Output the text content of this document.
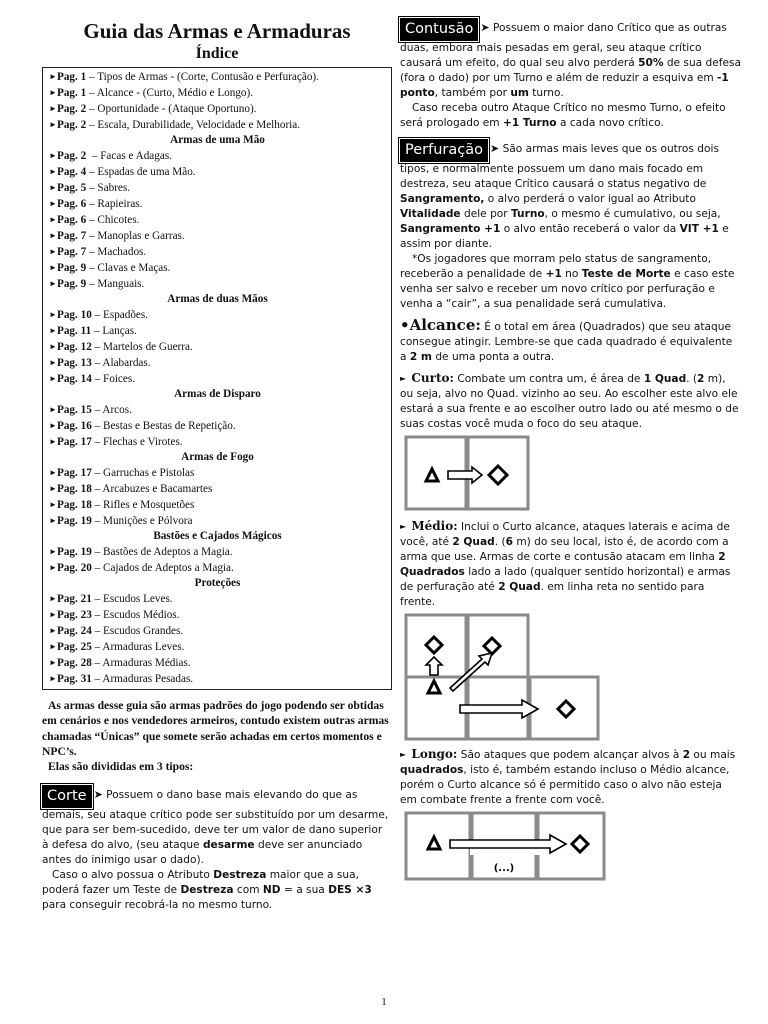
Guia das Armas e Armaduras
Índice
►Pag. 1 – Tipos de Armas - (Corte, Contusão e Perfuração).
►Pag. 1 – Alcance - (Curto, Médio e Longo).
►Pag. 2 – Oportunidade - (Ataque Oportuno).
►Pag. 2 – Escala, Durabilidade, Velocidade e Melhoria.
Armas de uma Mão
►Pag. 2  – Facas e Adagas.
►Pag. 4 – Espadas de uma Mão.
►Pag. 5 – Sabres.
►Pag. 6 – Rapieiras.
►Pag. 6 – Chicotes.
►Pag. 7 – Manoplas e Garras.
►Pag. 7 – Machados.
►Pag. 9 – Clavas e Maças.
►Pag. 9 – Manguais.
Armas de duas Mãos
►Pag. 10 – Espadões.
►Pag. 11 – Lanças.
►Pag. 12 – Martelos de Guerra.
►Pag. 13 – Alabardas.
►Pag. 14 – Foices.
Armas de Disparo
►Pag. 15 – Arcos.
►Pag. 16 – Bestas e Bestas de Repetição.
►Pag. 17 – Flechas e Virotes.
Armas de Fogo
►Pag. 17 – Garruchas e Pistolas
►Pag. 18 – Arcabuzes e Bacamartes
►Pag. 18 – Rifles e Mosquetões
►Pag. 19 – Munições e Pólvora
Bastões e Cajados Mágicos
►Pag. 19 – Bastões de Adeptos a Magia.
►Pag. 20 – Cajados de Adeptos a Magia.
Proteções
►Pag. 21 – Escudos Leves.
►Pag. 23 – Escudos Médios.
►Pag. 24 – Escudos Grandes.
►Pag. 25 – Armaduras Leves.
►Pag. 28 – Armaduras Médias.
►Pag. 31 – Armaduras Pesadas.

As armas desse guia são armas padrões do jogo podendo ser obtidas em cenários e nos vendedores armeiros, contudo existem outras armas chamadas “Únicas” que somete serão achadas em certos momentos e NPC’s.

Elas são divididas em 3 tipos:

Corte ➤ Possuem o dano base mais elevando do que as demais, seu ataque crítico pode ser substituído por um desarme, que para ser bem-sucedido, deve ter um valor de dano superior à defesa do alvo, (seu ataque desarme deve ser anunciado antes do inimigo usar o dado).

Caso o alvo possua o Atributo Destreza maior que a sua, poderá fazer um Teste de Destreza com ND = a sua DES ×3 para conseguir recobrá-la no mesmo turno.

Contusão ➤ Possuem o maior dano Crítico que as outras duas, embora mais pesadas em geral, seu ataque crítico causará um efeito, do qual seu alvo perderá 50% de sua defesa (fora o dado) por um Turno e além de reduzir a esquiva em -1 ponto, também por um turno.

Caso receba outro Ataque Crítico no mesmo Turno, o efeito será prologado em +1 Turno a cada novo crítico.

Perfuração ➤ São armas mais leves que os outros dois tipos, e normalmente possuem um dano mais focado em destreza, seu ataque Crítico causará o status negativo de Sangramento, o alvo perderá o valor igual ao Atributo Vitalidade dele por Turno, o mesmo é cumulativo, ou seja, Sangramento +1 o alvo então receberá o valor da VIT +1 e assim por diante.

*Os jogadores que morram pelo status de sangramento, receberão a penalidade de +1 no Teste de Morte e caso este venha ser salvo e receber um novo crítico por perfuração e venha a “cair”, a sua penalidade será cumulativa.

•Alcance: É o total em área (Quadrados) que seu ataque consegue atingir. Lembre-se que cada quadrado é equivalente a 2 m de uma ponta a outra.

► Curto: Combate um contra um, é área de 1 Quad. (2 m), ou seja, alvo no Quad. vizinho ao seu. Ao escolher este alvo ele estará a sua frente e ao escolher outro lado ou até mesmo o de suas costas você muda o foco do seu ataque.

► Médio: Inclui o Curto alcance, ataques laterais e acima de você, até 2 Quad. (6 m) do seu local, isto é, de acordo com a arma que use. Armas de corte e contusão atacam em linha 2 Quadrados lado a lado (qualquer sentido horizontal) e armas de perfuração até 2 Quad. em linha reta no sentido para frente.

► Longo: São ataques que podem alcançar alvos à 2 ou mais quadrados, isto é, também estando incluso o Médio alcance, porém o Curto alcance só é permitido caso o alvo não esteja em combate frente a frente com você.

(...)
1
